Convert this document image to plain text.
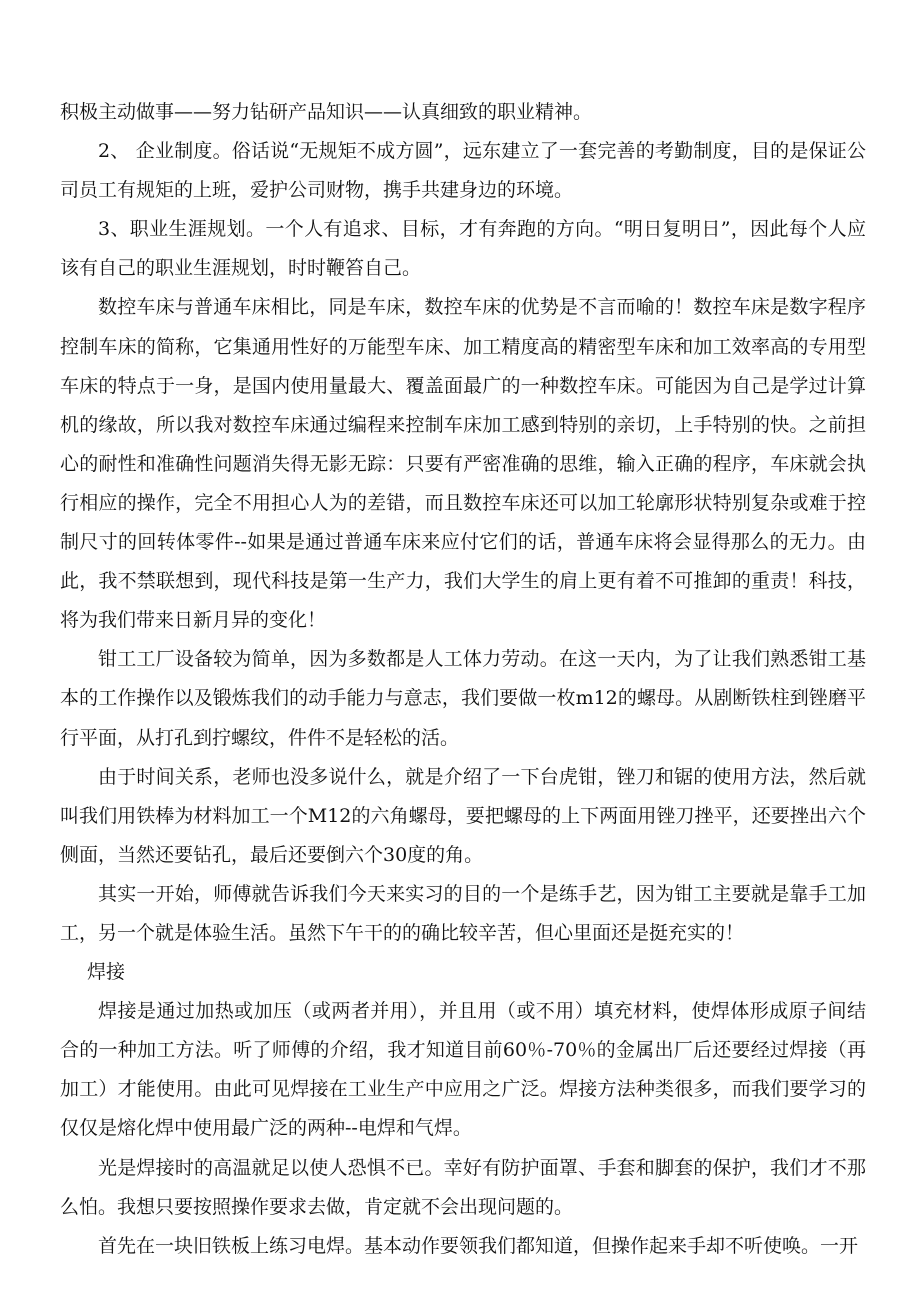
积极主动做事——努力钻研产品知识——认真细致的职业精神。

2、 企业制度。俗话说“无规矩不成方圆”，远东建立了一套完善的考勤制度，目的是保证公司员工有规矩的上班，爱护公司财物，携手共建身边的环境。

3、职业生涯规划。一个人有追求、目标，才有奔跑的方向。“明日复明日”，因此每个人应该有自己的职业生涯规划，时时鞭笞自己。

数控车床与普通车床相比，同是车床，数控车床的优势是不言而喻的！数控车床是数字程序控制车床的简称，它集通用性好的万能型车床、加工精度高的精密型车床和加工效率高的专用型车床的特点于一身，是国内使用量最大、覆盖面最广的一种数控车床。可能因为自己是学过计算机的缘故，所以我对数控车床通过编程来控制车床加工感到特别的亲切，上手特别的快。之前担心的耐性和准确性问题消失得无影无踪：只要有严密准确的思维，输入正确的程序，车床就会执行相应的操作，完全不用担心人为的差错，而且数控车床还可以加工轮廓形状特别复杂或难于控制尺寸的回转体零件--如果是通过普通车床来应付它们的话，普通车床将会显得那么的无力。由此，我不禁联想到，现代科技是第一生产力，我们大学生的肩上更有着不可推卸的重责！科技，将为我们带来日新月异的变化！

钳工工厂设备较为简单，因为多数都是人工体力劳动。在这一天内，为了让我们熟悉钳工基本的工作操作以及锻炼我们的动手能力与意志，我们要做一枚m12的螺母。从剧断铁柱到锉磨平行平面，从打孔到拧螺纹，件件不是轻松的活。

由于时间关系，老师也没多说什么，就是介绍了一下台虎钳，锉刀和锯的使用方法，然后就叫我们用铁棒为材料加工一个M12的六角螺母，要把螺母的上下两面用锉刀挫平，还要挫出六个侧面，当然还要钻孔，最后还要倒六个30度的角。

其实一开始，师傅就告诉我们今天来实习的目的一个是练手艺，因为钳工主要就是靠手工加工，另一个就是体验生活。虽然下午干的的确比较辛苦，但心里面还是挺充实的！

焊接

焊接是通过加热或加压（或两者并用），并且用（或不用）填充材料，使焊体形成原子间结合的一种加工方法。听了师傅的介绍，我才知道目前60％-70％的金属出厂后还要经过焊接（再加工）才能使用。由此可见焊接在工业生产中应用之广泛。焊接方法种类很多，而我们要学习的仅仅是熔化焊中使用最广泛的两种--电焊和气焊。

光是焊接时的高温就足以使人恐惧不已。幸好有防护面罩、手套和脚套的保护，我们才不那么怕。我想只要按照操作要求去做，肯定就不会出现问题的。

首先在一块旧铁板上练习电焊。基本动作要领我们都知道，但操作起来手却不听使唤。一开
